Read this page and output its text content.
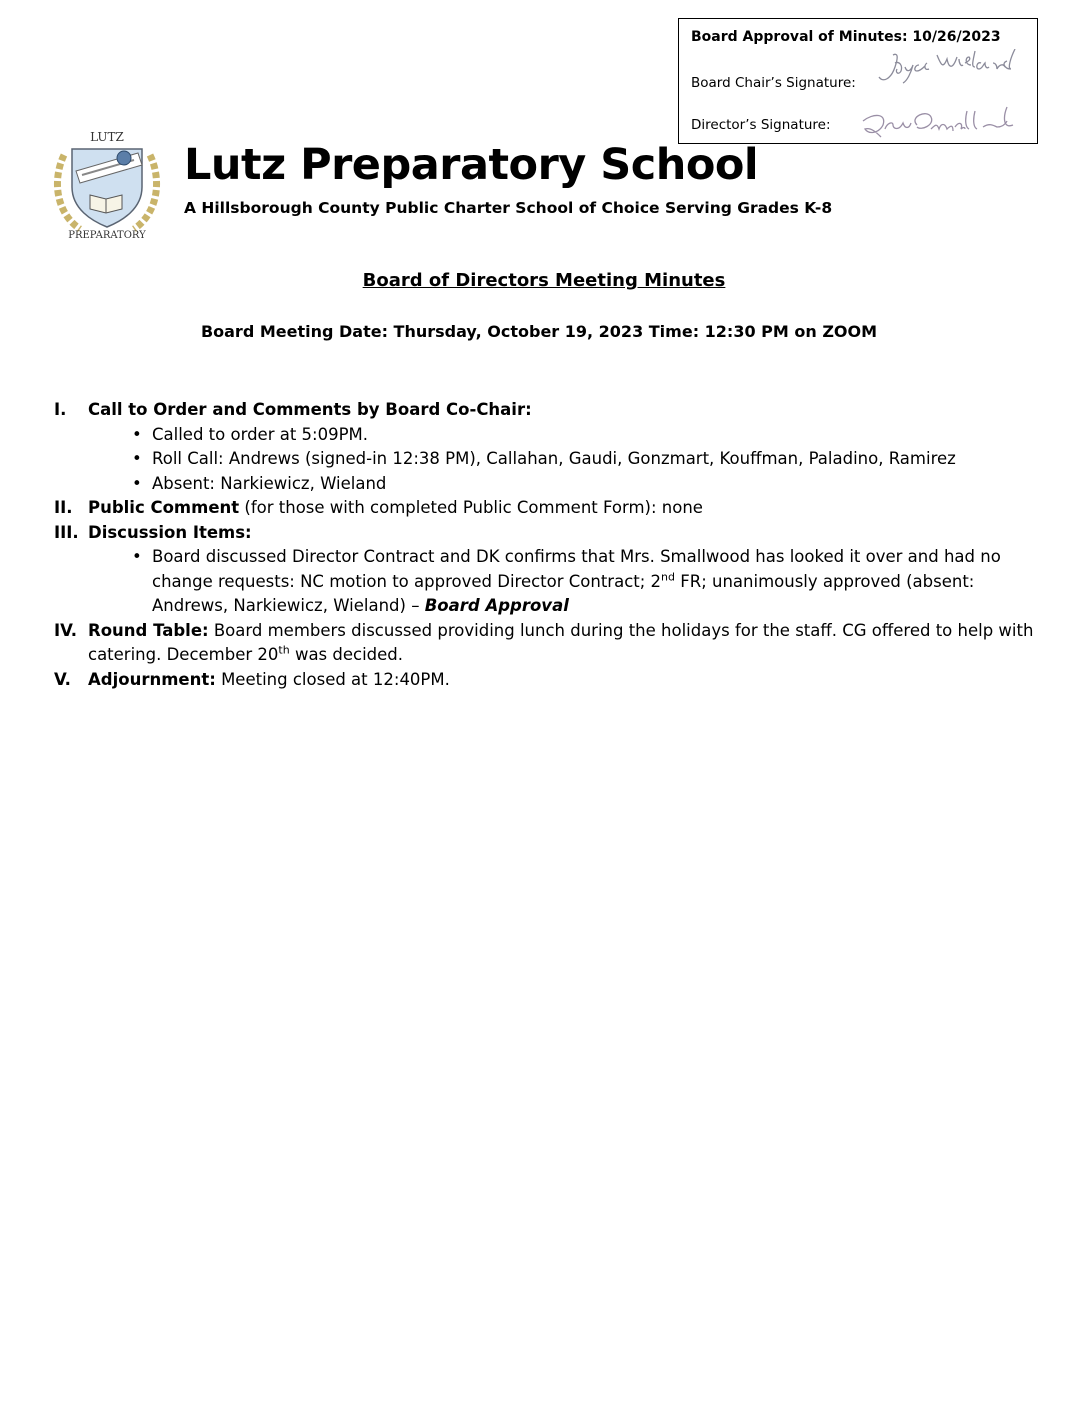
Board Approval of Minutes: 10/26/2023
Board Chair’s Signature:
Director’s Signature:
LUTZ
PREPARATORY
Lutz Preparatory School
A Hillsborough County Public Charter School of Choice Serving Grades K-8
Board of Directors Meeting Minutes
Board Meeting Date: Thursday, October 19, 2023 Time: 12:30 PM on ZOOM
I. Call to Order and Comments by Board Co-Chair:
• Called to order at 5:09PM.
• Roll Call: Andrews (signed-in 12:38 PM), Callahan, Gaudi, Gonzmart, Kouffman, Paladino, Ramirez
• Absent: Narkiewicz, Wieland
II. Public Comment (for those with completed Public Comment Form): none
III. Discussion Items:
• Board discussed Director Contract and DK confirms that Mrs. Smallwood has looked it over and had no change requests: NC motion to approved Director Contract; 2nd FR; unanimously approved (absent: Andrews, Narkiewicz, Wieland) – Board Approval
IV. Round Table: Board members discussed providing lunch during the holidays for the staff. CG offered to help with catering. December 20th was decided.
V. Adjournment: Meeting closed at 12:40PM.
